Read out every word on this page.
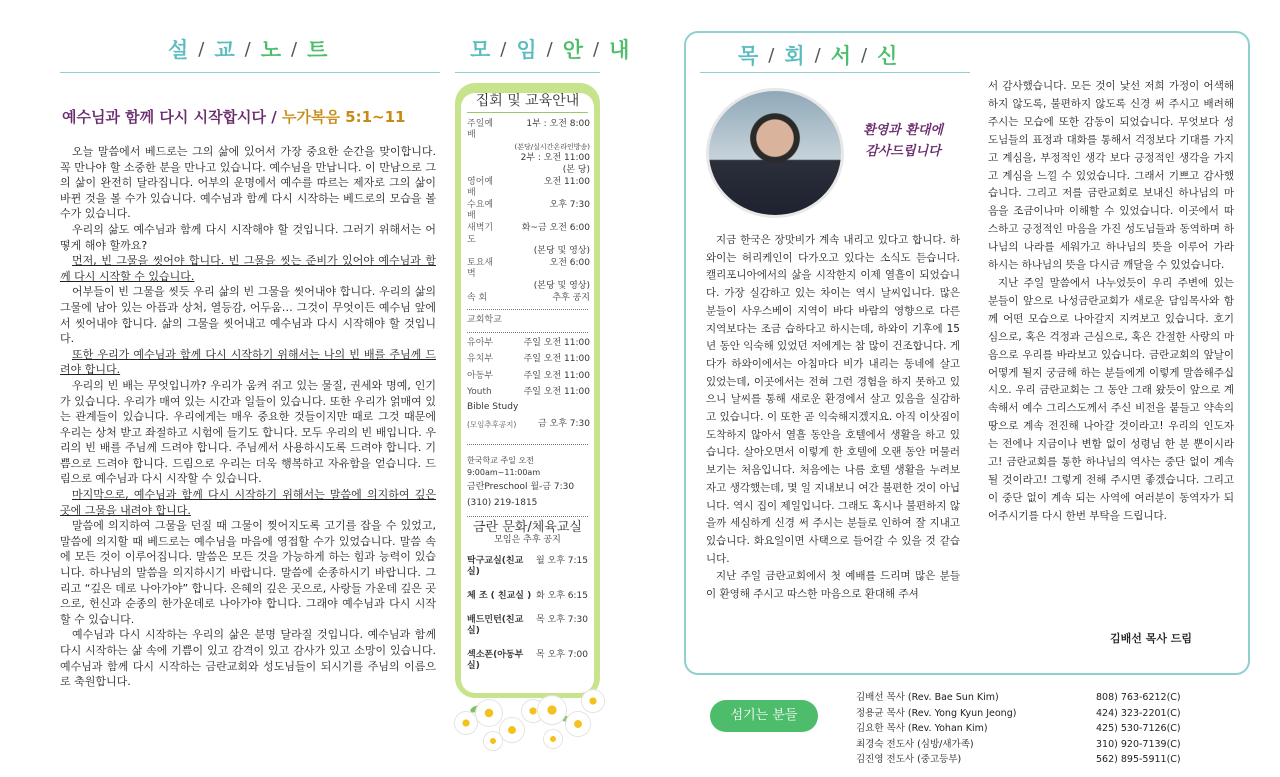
설 / 교 / 노 / 트	모 / 임 / 안 / 내
예수님과 함께 다시 시작합시다 / 누가복음 5:1~11

오늘 말씀에서 베드로는 그의 삶에 있어서 가장 중요한 순간을 맞이합니다. 꼭 만나야 할 소중한 분을 만나고 있습니다. 예수님을 만납니다. 이 만남으로 그의 삶이 완전히 달라집니다. 어부의 운명에서 예수를 따르는 제자로 그의 삶이 바뀐 것을 볼 수가 있습니다. 예수님과 함께 다시 시작하는 베드로의 모습을 볼 수가 있습니다.

우리의 삶도 예수님과 함께 다시 시작해야 할 것입니다. 그러기 위해서는 어떻게 해야 할까요?

먼저, 빈 그물을 씻어야 합니다. 빈 그물을 씻는 준비가 있어야 예수님과 함께 다시 시작할 수 있습니다.

어부들이 빈 그물을 씻듯 우리 삶의 빈 그물을 씻어내야 합니다. 우리의 삶의 그물에 남아 있는 아픔과 상처, 열등감, 어두움… 그것이 무엇이든 예수님 앞에서 씻어내야 합니다. 삶의 그물을 씻어내고 예수님과 다시 시작해야 할 것입니다.

또한 우리가 예수님과 함께 다시 시작하기 위해서는 나의 빈 배를 주님께 드려야 합니다.

우리의 빈 배는 무엇입니까? 우리가 움켜 쥐고 있는 물질, 권세와 명예, 인기가 있습니다. 우리가 매여 있는 시간과 일들이 있습니다. 또한 우리가 얽매여 있는 관계들이 있습니다. 우리에게는 매우 중요한 것들이지만 때로 그것 때문에 우리는 상처 받고 좌절하고 시험에 들기도 합니다. 모두 우리의 빈 배입니다. 우리의 빈 배를 주님께 드려야 합니다. 주님께서 사용하시도록 드려야 합니다. 기쁨으로 드려야 합니다. 드림으로 우리는 더욱 행복하고 자유함을 얻습니다. 드림으로 예수님과 다시 시작할 수 있습니다.

마지막으로, 예수님과 함께 다시 시작하기 위해서는 말씀에 의지하여 깊은 곳에 그물을 내려야 합니다.

말씀에 의지하여 그물을 던질 때 그물이 찢어지도록 고기를 잡을 수 있었고, 말씀에 의지할 때 베드로는 예수님을 마음에 영접할 수가 있었습니다. 말씀 속에 모든 것이 이루어집니다. 말씀은 모든 것을 가능하게 하는 힘과 능력이 있습니다. 하나님의 말씀을 의지하시기 바랍니다. 말씀에 순종하시기 바랍니다. 그리고 “깊은 데로 나아가야” 합니다. 은혜의 깊은 곳으로, 사랑들 가운데 깊은 곳으로, 헌신과 순종의 한가운데로 나아가야 합니다. 그래야 예수님과 다시 시작할 수 있습니다.

예수님과 다시 시작하는 우리의 삶은 분명 달라질 것입니다. 예수님과 함께 다시 시작하는 삶 속에 기쁨이 있고 감격이 있고 감사가 있고 소망이 있습니다. 예수님과 함께 다시 시작하는 금란교회와 성도님들이 되시기를 주님의 이름으로 축원합니다.

집회 및 교육안내
주일예배
1부 : 오전 8:00
(본당/실시간온라인방송)
2부 : 오전 11:00
(본 당)
영어예배
오전 11:00
수요예배
오후 7:30
새벽기도
화~금 오전 6:00
(본당 및 영상)
토요새벽
오전 6:00
(본당 및 영상)
속 회	추후 공지
교회학교
유아부	주일 오전 11:00
유치부	주일 오전 11:00
아동부	주일 오전 11:00
Youth	주일 오전 11:00
Bible Study
(모임추후공지)	금 오후 7:30
한국학교 주일 오전 9:00am~11:00am
금란Preschool 월-금 7:30
(310) 219-1815
금란 문화/체육교실
모임은 추후 공지
탁구교실(친교실)
월 오후 7:15
체 조 ( 친교실 ) 화 오후 6:15
배드민턴(친교실)
목 오후 7:30
섹소폰(아동부실)
목 오후 7:00
목 / 회 / 서 / 신
환영과 환대에
감사드립니다

지금 한국은 장맛비가 계속 내리고 있다고 합니다. 하와이는 허리케인이 다가오고 있다는 소식도 듣습니다. 캘리포니아에서의 삶을 시작한지 이제 열흘이 되었습니다. 가장 실감하고 있는 차이는 역시 날씨입니다. 많은 분들이 사우스베이 지역이 바다 바람의 영향으로 다른 지역보다는 조금 습하다고 하시는데, 하와이 기후에 15년 동안 익숙해 있었던 저에게는 참 많이 건조합니다. 게다가 하와이에서는 아침마다 비가 내리는 동네에 살고 있었는데, 이곳에서는 전혀 그런 경험을 하지 못하고 있으니 날씨를 통해 새로운 환경에서 살고 있음을 실감하고 있습니다. 이 또한 곧 익숙해지겠지요. 아직 이삿짐이 도착하지 않아서 열흘 동안을 호텔에서 생활을 하고 있습니다. 살아오면서 이렇게 한 호텔에 오랜 동안 머물러 보기는 처음입니다. 처음에는 나름 호텔 생활을 누려보자고 생각했는데, 몇 일 지내보니 여간 불편한 것이 아닙니다. 역시 집이 제일입니다. 그래도 혹시나 불편하지 않을까 세심하게 신경 써 주시는 분들로 인하여 잘 지내고 있습니다. 화요일이면 사택으로 들어갈 수 있을 것 같습니다.

지난 주일 금란교회에서 첫 예배를 드리며 많은 분들이 환영해 주시고 따스한 마음으로 환대해 주셔

서 감사했습니다. 모든 것이 낯선 저희 가정이 어색해 하지 않도록, 불편하지 않도록 신경 써 주시고 배려해 주시는 모습에 또한 감동이 되었습니다. 무엇보다 성도님들의 표정과 대화를 통해서 걱정보다 기대를 가지고 계심을, 부정적인 생각 보다 긍정적인 생각을 가지고 계심을 느낄 수 있었습니다. 그래서 기쁘고 감사했습니다. 그리고 저를 금란교회로 보내신 하나님의 마음을 조금이나마 이해할 수 있었습니다. 이곳에서 따스하고 긍정적인 마음을 가진 성도님들과 동역하며 하나님의 나라를 세워가고 하나님의 뜻을 이루어 가라 하시는 하나님의 뜻을 다시금 깨달을 수 있었습니다.

지난 주일 말씀에서 나누었듯이 우리 주변에 있는 분들이 앞으로 나성금란교회가 새로운 담임목사와 함께 어떤 모습으로 나아갈지 지켜보고 있습니다. 호기심으로, 혹은 걱정과 근심으로, 혹은 간절한 사랑의 마음으로 우리를 바라보고 있습니다. 금란교회의 앞날이 어떻게 될지 궁금해 하는 분들에게 이렇게 말씀해주십시오. 우리 금란교회는 그 동안 그래 왔듯이 앞으로 계속해서 예수 그리스도께서 주신 비전을 붙들고 약속의 땅으로 계속 전진해 나아갈 것이라고! 우리의 인도자는 전에나 지금이나 변함 없이 성령님 한 분 뿐이시라고! 금란교회를 통한 하나님의 역사는 중단 없이 계속될 것이라고! 그렇게 전해 주시면 좋겠습니다. 그리고 이 중단 없이 계속 되는 사역에 여러분이 동역자가 되어주시기를 다시 한번 부탁을 드립니다.

김배선 목사 드림
섬기는 분들
김배선 목사 (Rev. Bae Sun Kim)	808) 763-6212(C)
정용균 목사 (Rev. Yong Kyun Jeong)	424) 323-2201(C)
김요한 목사 (Rev. Yohan Kim)	425) 530-7126(C)
최경숙 전도사 (심방/새가족)	310) 920-7139(C)
김진영 전도사 (중고등부)	562) 895-5911(C)
